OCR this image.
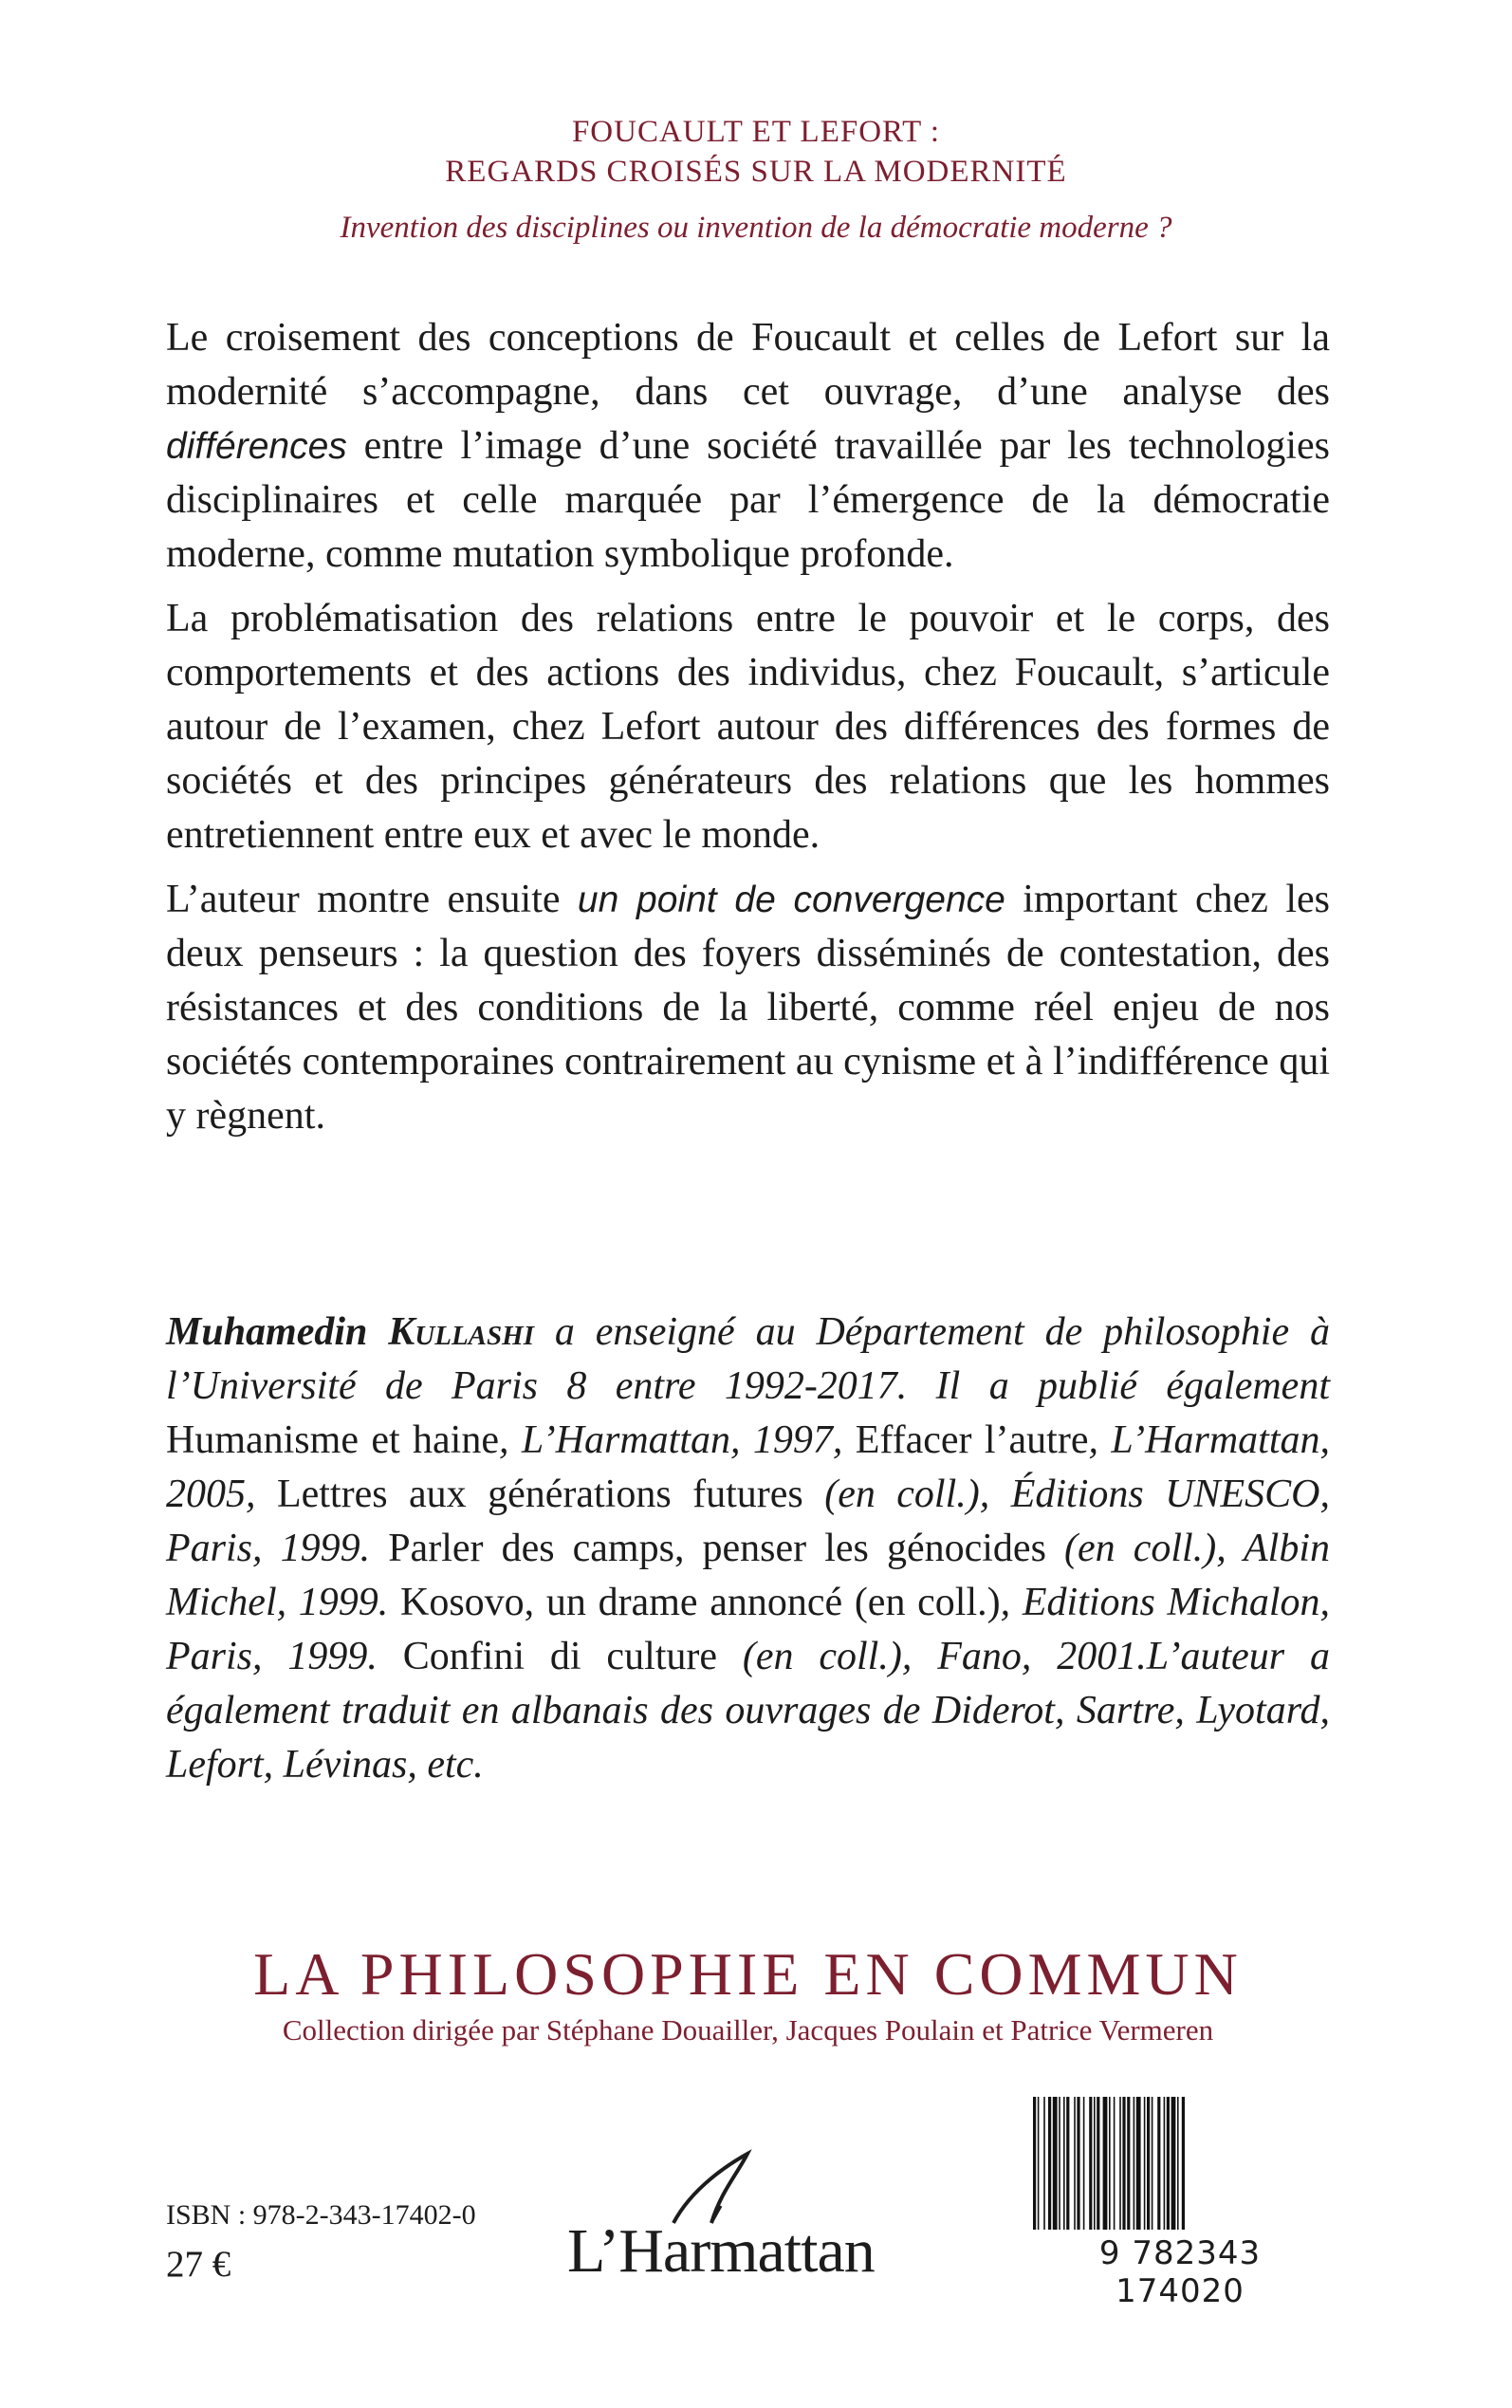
FOUCAULT ET LEFORT :
REGARDS CROISÉS SUR LA MODERNITÉ
Invention des disciplines ou invention de la démocratie moderne ?

Le croisement des conceptions de Foucault et celles de Lefort sur la modernité s’accompagne, dans cet ouvrage, d’une analyse des différences entre l’image d’une société travaillée par les technologies disciplinaires et celle marquée par l’émergence de la démocratie moderne, comme mutation symbolique profonde.

La problématisation des relations entre le pouvoir et le corps, des comportements et des actions des individus, chez Foucault, s’articule autour de l’examen, chez Lefort autour des différences des formes de sociétés et des principes générateurs des relations que les hommes entretiennent entre eux et avec le monde.

L’auteur montre ensuite un point de convergence important chez les deux penseurs : la question des foyers disséminés de contestation, des résistances et des conditions de la liberté, comme réel enjeu de nos sociétés contemporaines contrairement au cynisme et à l’indifférence qui y règnent.

Muhamedin Kullashi a enseigné au Département de philosophie à l’Université de Paris 8 entre 1992-2017. Il a publié également Humanisme et haine, L’Harmattan, 1997, Effacer l’autre, L’Harmattan, 2005, Lettres aux générations futures (en coll.), Éditions UNESCO, Paris, 1999. Parler des camps, penser les génocides (en coll.), Albin Michel, 1999. Kosovo, un drame annoncé (en coll.), Editions Michalon, Paris, 1999. Confini di culture (en coll.), Fano, 2001.L’auteur a également traduit en albanais des ouvrages de Diderot, Sartre, Lyotard, Lefort, Lévinas, etc.
LA PHILOSOPHIE EN COMMUN
Collection dirigée par Stéphane Douailler, Jacques Poulain et Patrice Vermeren
ISBN : 978-2-343-17402-0
27 €	L’Harmattan	9 782343 174020
